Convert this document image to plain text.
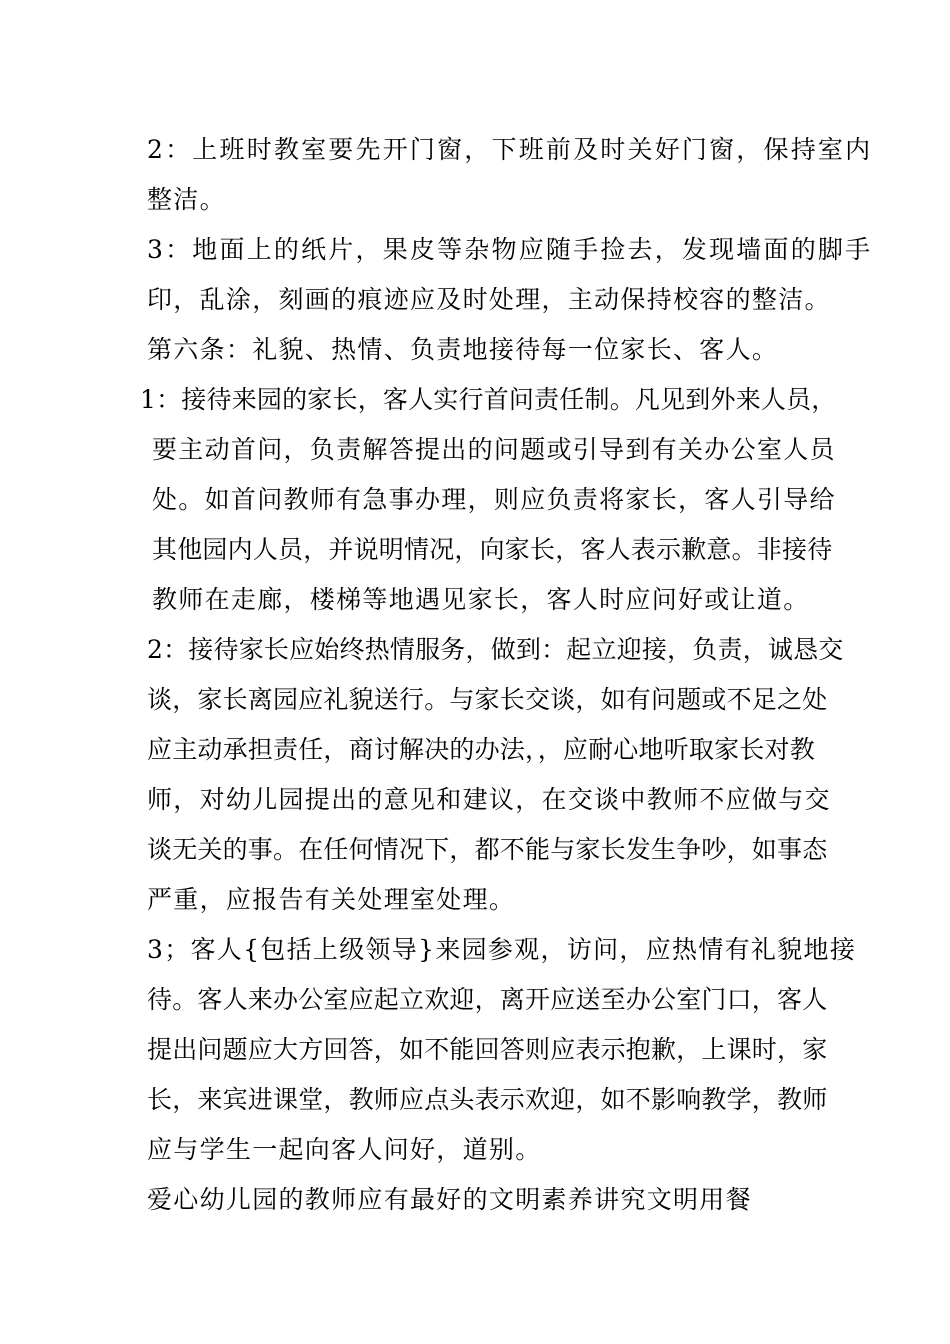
2：上班时教室要先开门窗，下班前及时关好门窗，保持室内
整洁。
3：地面上的纸片，果皮等杂物应随手捡去，发现墙面的脚手
印，乱涂，刻画的痕迹应及时处理，主动保持校容的整洁。
第六条：礼貌、热情、负责地接待每一位家长、客人。
1：接待来园的家长，客人实行首问责任制。凡见到外来人员，
要主动首问，负责解答提出的问题或引导到有关办公室人员
处。如首问教师有急事办理，则应负责将家长，客人引导给
其他园内人员，并说明情况，向家长，客人表示歉意。非接待
教师在走廊，楼梯等地遇见家长，客人时应问好或让道。
2：接待家长应始终热情服务，做到：起立迎接，负责，诚恳交
谈，家长离园应礼貌送行。与家长交谈，如有问题或不足之处
应主动承担责任，商讨解决的办法，，应耐心地听取家长对教
师，对幼儿园提出的意见和建议，在交谈中教师不应做与交
谈无关的事。在任何情况下，都不能与家长发生争吵，如事态
严重，应报告有关处理室处理。
3；客人{包括上级领导}来园参观，访问，应热情有礼貌地接
待。客人来办公室应起立欢迎，离开应送至办公室门口，客人
提出问题应大方回答，如不能回答则应表示抱歉，上课时，家
长，来宾进课堂，教师应点头表示欢迎，如不影响教学，教师
应与学生一起向客人问好，道别。
爱心幼儿园的教师应有最好的文明素养讲究文明用餐
